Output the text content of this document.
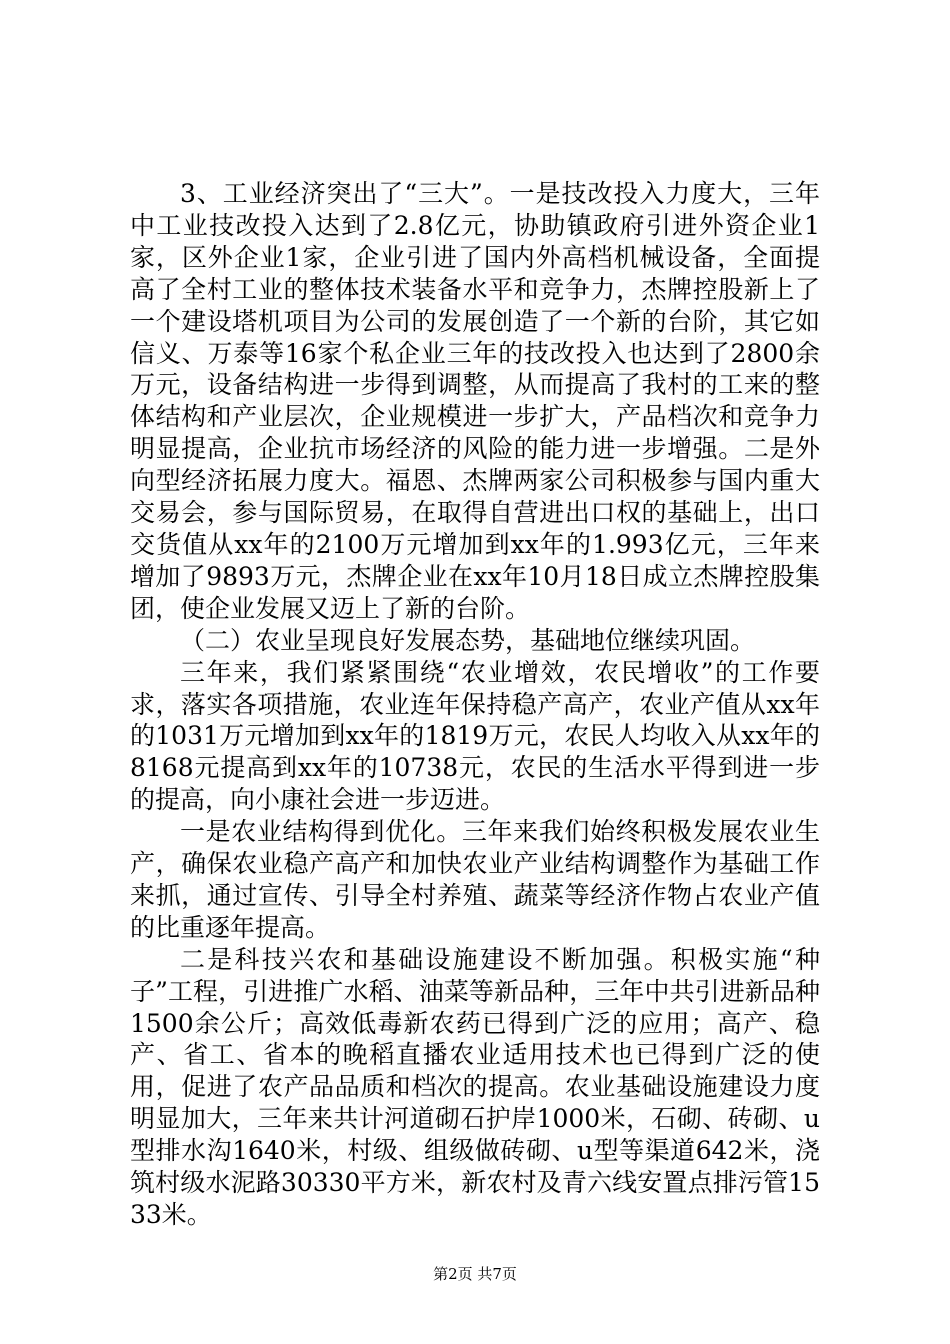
3、工业经济突出了“三大”。一是技改投入力度大，三年中工业技改投入达到了2.8亿元，协助镇政府引进外资企业1家，区外企业1家，企业引进了国内外高档机械设备，全面提高了全村工业的整体技术装备水平和竞争力，杰牌控股新上了一个建设塔机项目为公司的发展创造了一个新的台阶，其它如信义、万泰等16家个私企业三年的技改投入也达到了2800余万元，设备结构进一步得到调整，从而提高了我村的工来的整体结构和产业层次，企业规模进一步扩大，产品档次和竞争力明显提高，企业抗市场经济的风险的能力进一步增强。二是外向型经济拓展力度大。福恩、杰牌两家公司积极参与国内重大交易会，参与国际贸易，在取得自营进出口权的基础上，出口交货值从xx年的2100万元增加到xx年的1.993亿元，三年来增加了9893万元，杰牌企业在xx年10月18日成立杰牌控股集团，使企业发展又迈上了新的台阶。

（二）农业呈现良好发展态势，基础地位继续巩固。

三年来，我们紧紧围绕“农业增效，农民增收”的工作要求，落实各项措施，农业连年保持稳产高产，农业产值从xx年的1031万元增加到xx年的1819万元，农民人均收入从xx年的8168元提高到xx年的10738元，农民的生活水平得到进一步的提高，向小康社会进一步迈进。

一是农业结构得到优化。三年来我们始终积极发展农业生产，确保农业稳产高产和加快农业产业结构调整作为基础工作来抓，通过宣传、引导全村养殖、蔬菜等经济作物占农业产值的比重逐年提高。

二是科技兴农和基础设施建设不断加强。积极实施“种子”工程，引进推广水稻、油菜等新品种，三年中共引进新品种1500余公斤；高效低毒新农药已得到广泛的应用；高产、稳产、省工、省本的晚稻直播农业适用技术也已得到广泛的使用，促进了农产品品质和档次的提高。农业基础设施建设力度明显加大，三年来共计河道砌石护岸1000米，石砌、砖砌、u型排水沟1640米，村级、组级做砖砌、u型等渠道642米，浇筑村级水泥路30330平方米，新农村及青六线安置点排污管1533米。

第2页 共7页
